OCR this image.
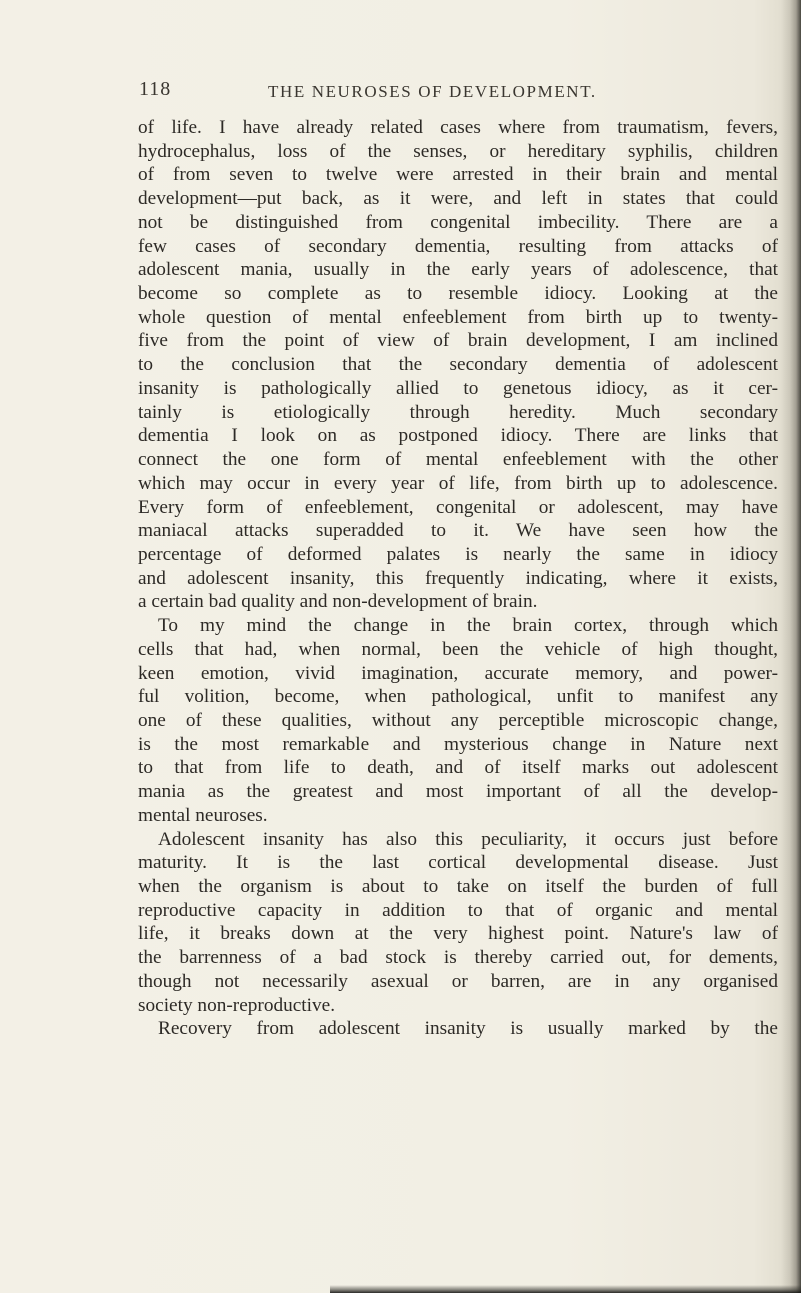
118	THE NEUROSES OF DEVELOPMENT.
of life. I have already related cases where from traumatism, fevers,
hydrocephalus, loss of the senses, or hereditary syphilis, children
of from seven to twelve were arrested in their brain and mental
development—put back, as it were, and left in states that could
not be distinguished from congenital imbecility. There are a
few cases of secondary dementia, resulting from attacks of
adolescent mania, usually in the early years of adolescence, that
become so complete as to resemble idiocy. Looking at the
whole question of mental enfeeblement from birth up to twenty-
five from the point of view of brain development, I am inclined
to the conclusion that the secondary dementia of adolescent
insanity is pathologically allied to genetous idiocy, as it cer-
tainly is etiologically through heredity. Much secondary
dementia I look on as postponed idiocy. There are links that
connect the one form of mental enfeeblement with the other
which may occur in every year of life, from birth up to adolescence.
Every form of enfeeblement, congenital or adolescent, may have
maniacal attacks superadded to it. We have seen how the
percentage of deformed palates is nearly the same in idiocy
and adolescent insanity, this frequently indicating, where it exists,
a certain bad quality and non-development of brain.
To my mind the change in the brain cortex, through which
cells that had, when normal, been the vehicle of high thought,
keen emotion, vivid imagination, accurate memory, and power-
ful volition, become, when pathological, unfit to manifest any
one of these qualities, without any perceptible microscopic change,
is the most remarkable and mysterious change in Nature next
to that from life to death, and of itself marks out adolescent
mania as the greatest and most important of all the develop-
mental neuroses.
Adolescent insanity has also this peculiarity, it occurs just before
maturity. It is the last cortical developmental disease. Just
when the organism is about to take on itself the burden of full
reproductive capacity in addition to that of organic and mental
life, it breaks down at the very highest point. Nature's law of
the barrenness of a bad stock is thereby carried out, for dements,
though not necessarily asexual or barren, are in any organised
society non-reproductive.
Recovery from adolescent insanity is usually marked by the
